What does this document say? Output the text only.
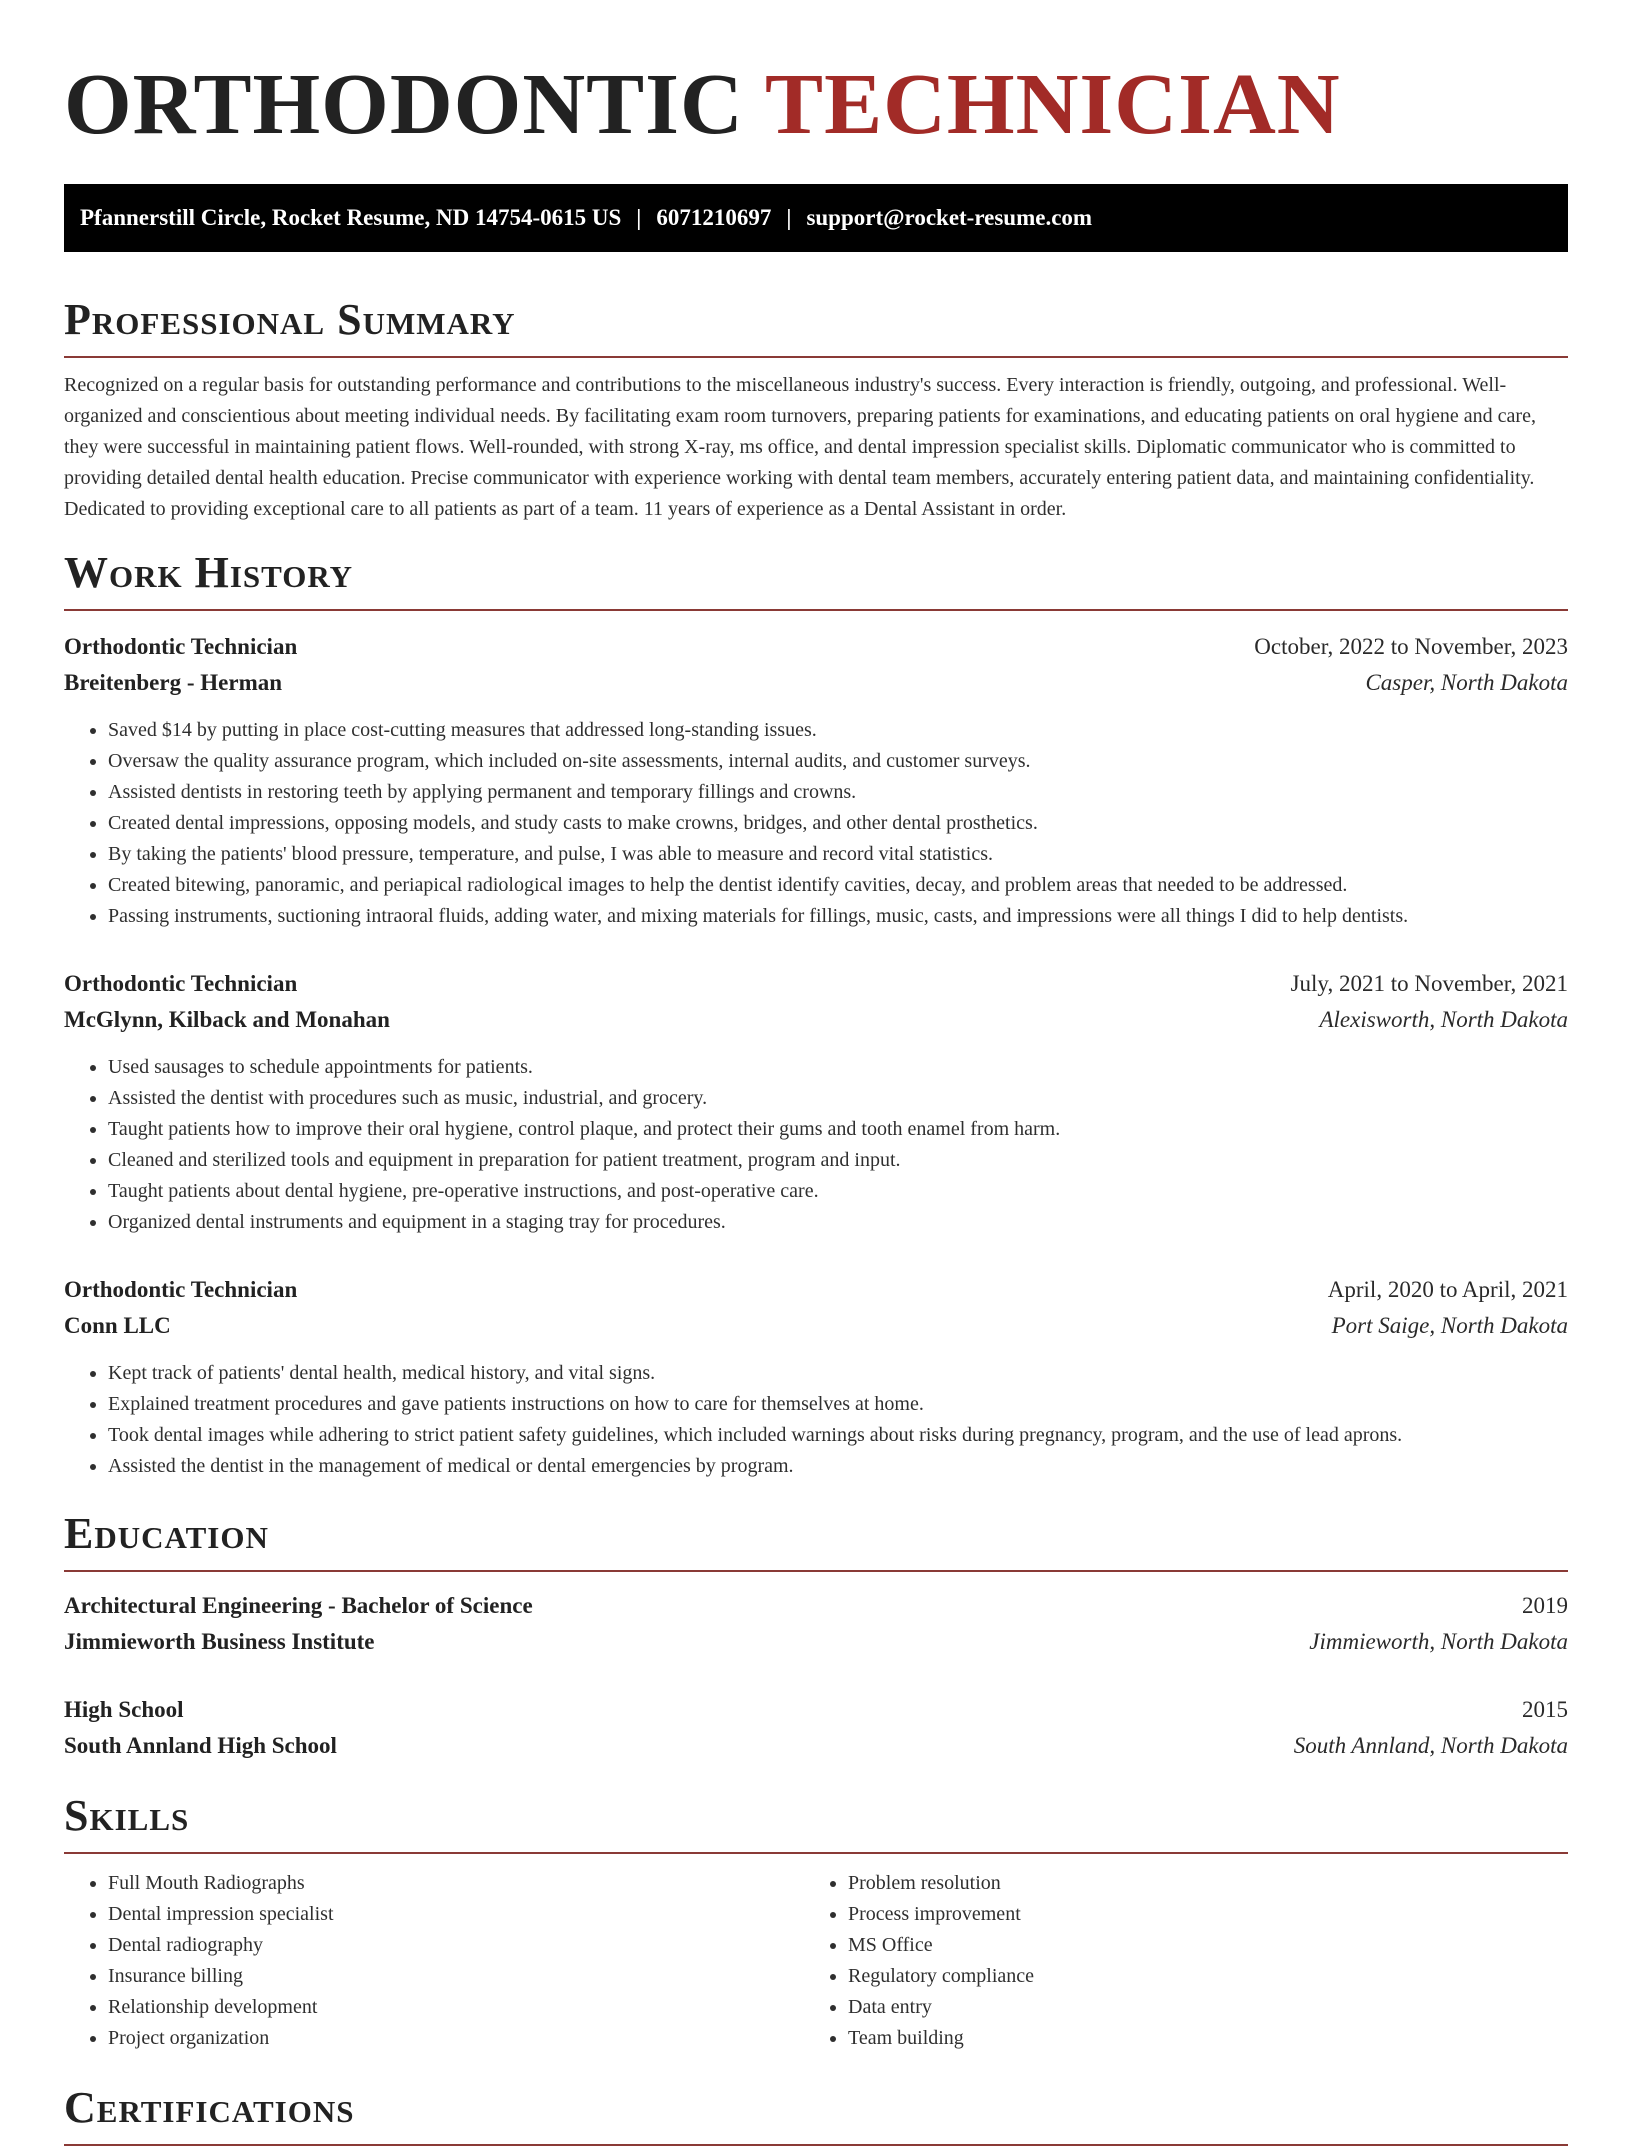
ORTHODONTIC TECHNICIAN
Pfannerstill Circle, Rocket Resume, ND 14754-0615 US | 6071210697 | support@rocket-resume.com
Professional Summary
Recognized on a regular basis for outstanding performance and contributions to the miscellaneous industry's success. Every interaction is friendly, outgoing, and professional. Well-organized and conscientious about meeting individual needs. By facilitating exam room turnovers, preparing patients for examinations, and educating patients on oral hygiene and care, they were successful in maintaining patient flows. Well-rounded, with strong X-ray, ms office, and dental impression specialist skills. Diplomatic communicator who is committed to providing detailed dental health education. Precise communicator with experience working with dental team members, accurately entering patient data, and maintaining confidentiality. Dedicated to providing exceptional care to all patients as part of a team. 11 years of experience as a Dental Assistant in order.
Work History
Orthodontic Technician	October, 2022 to November, 2023
Breitenberg - Herman	Casper, North Dakota
• Saved $14 by putting in place cost-cutting measures that addressed long-standing issues.
• Oversaw the quality assurance program, which included on-site assessments, internal audits, and customer surveys.
• Assisted dentists in restoring teeth by applying permanent and temporary fillings and crowns.
• Created dental impressions, opposing models, and study casts to make crowns, bridges, and other dental prosthetics.
• By taking the patients' blood pressure, temperature, and pulse, I was able to measure and record vital statistics.
• Created bitewing, panoramic, and periapical radiological images to help the dentist identify cavities, decay, and problem areas that needed to be addressed.
• Passing instruments, suctioning intraoral fluids, adding water, and mixing materials for fillings, music, casts, and impressions were all things I did to help dentists.
Orthodontic Technician	July, 2021 to November, 2021
McGlynn, Kilback and Monahan	Alexisworth, North Dakota
• Used sausages to schedule appointments for patients.
• Assisted the dentist with procedures such as music, industrial, and grocery.
• Taught patients how to improve their oral hygiene, control plaque, and protect their gums and tooth enamel from harm.
• Cleaned and sterilized tools and equipment in preparation for patient treatment, program and input.
• Taught patients about dental hygiene, pre-operative instructions, and post-operative care.
• Organized dental instruments and equipment in a staging tray for procedures.
Orthodontic Technician	April, 2020 to April, 2021
Conn LLC	Port Saige, North Dakota
• Kept track of patients' dental health, medical history, and vital signs.
• Explained treatment procedures and gave patients instructions on how to care for themselves at home.
• Took dental images while adhering to strict patient safety guidelines, which included warnings about risks during pregnancy, program, and the use of lead aprons.
• Assisted the dentist in the management of medical or dental emergencies by program.
Education
Architectural Engineering - Bachelor of Science	2019
Jimmieworth Business Institute	Jimmieworth, North Dakota
High School	2015
South Annland High School	South Annland, North Dakota
Skills
• Full Mouth Radiographs
• Dental impression specialist
• Dental radiography
• Insurance billing
• Relationship development
• Project organization
• Problem resolution
• Process improvement
• MS Office
• Regulatory compliance
• Data entry
• Team building
Certifications
